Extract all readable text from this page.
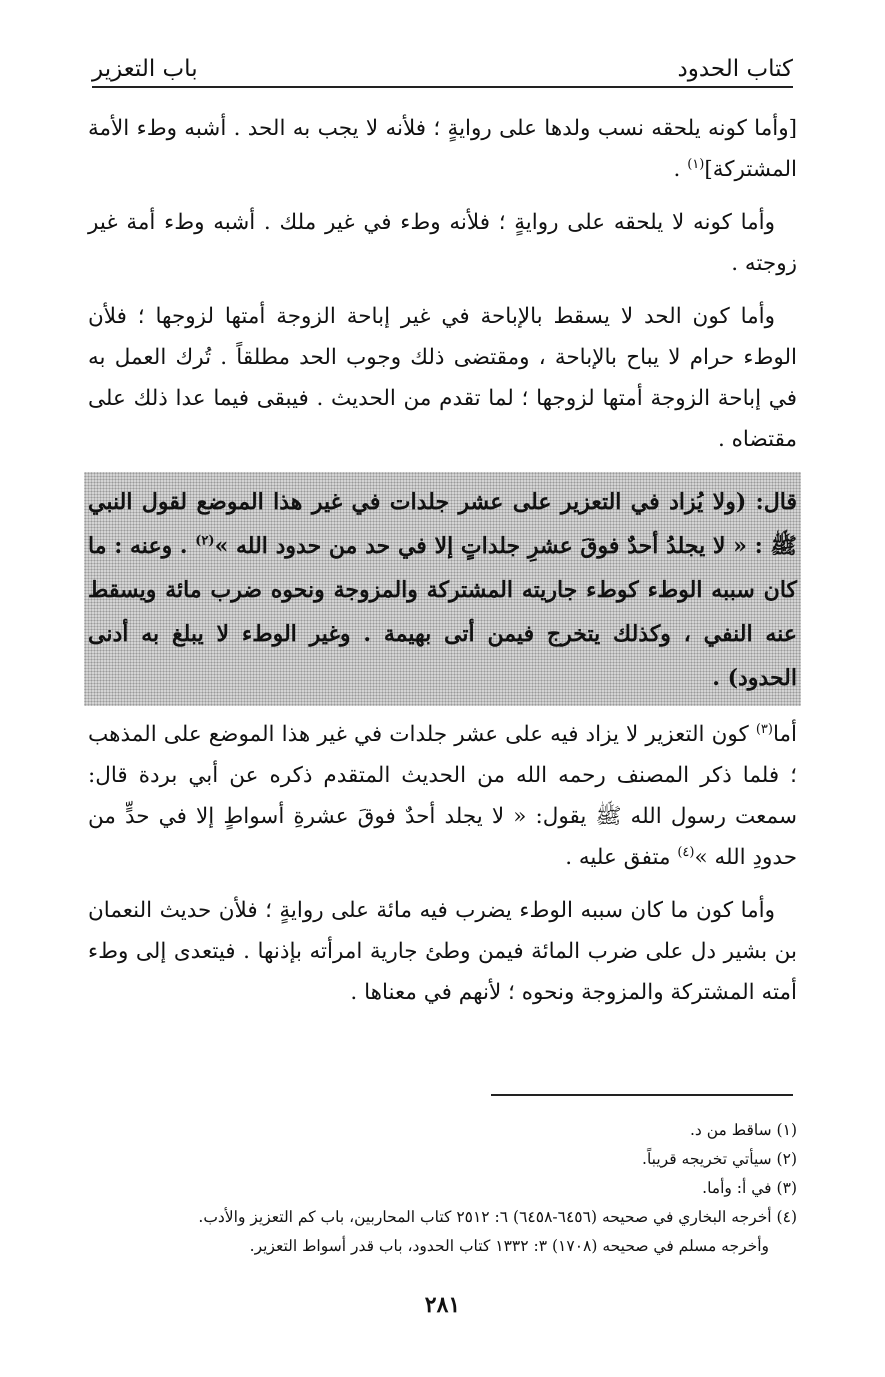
كتاب الحدود
باب التعزير

[وأما كونه يلحقه نسب ولدها على روايةٍ ؛ فلأنه لا يجب به الحد . أشبه وطء الأمة المشتركة]$^{(١)}$ .

وأما كونه لا يلحقه على روايةٍ ؛ فلأنه وطء في غير ملك . أشبه وطء أمة غير زوجته .

وأما كون الحد لا يسقط بالإباحة في غير إباحة الزوجة أمتها لزوجها ؛ فلأن الوطء حرام لا يباح بالإباحة ، ومقتضى ذلك وجوب الحد مطلقاً . تُرك العمل به في إباحة الزوجة أمتها لزوجها ؛ لما تقدم من الحديث . فيبقى فيما عدا ذلك على مقتضاه .

قال: (ولا يُزاد في التعزير على عشر جلدات في غير هذا الموضع لقول النبي ﷺ : « لا يجلدُ أحدٌ فوقَ عشرِ جلداتٍ إلا في حد من حدود الله »$^{(٢)}$ . وعنه : ما كان سببه الوطء كوطء جاريته المشتركة والمزوجة ونحوه ضرب مائة ويسقط عنه النفي ، وكذلك يتخرج فيمن أتى بهيمة . وغير الوطء لا يبلغ به أدنى الحدود) .

أما$^{(٣)}$ كون التعزير لا يزاد فيه على عشر جلدات في غير هذا الموضع على المذهب ؛ فلما ذكر المصنف رحمه الله من الحديث المتقدم ذكره عن أبي بردة قال: سمعت رسول الله ﷺ يقول: « لا يجلد أحدٌ فوقَ عشرةِ أسواطٍ إلا في حدٍّ من حدودِ الله »$^{(٤)}$ متفق عليه .

وأما كون ما كان سببه الوطء يضرب فيه مائة على روايةٍ ؛ فلأن حديث النعمان بن بشير دل على ضرب المائة فيمن وطئ جارية امرأته بإذنها . فيتعدى إلى وطء أمته المشتركة والمزوجة ونحوه ؛ لأنهم في معناها .

(١) ساقط من د.

(٢) سيأتي تخريجه قريباً.

(٣) في أ: وأما.

(٤) أخرجه البخاري في صحيحه (٦٤٥٦-٦٤٥٨) ٦: ٢٥١٢ كتاب المحاربين، باب كم التعزيز والأدب.

وأخرجه مسلم في صحيحه (١٧٠٨) ٣: ١٣٣٢ كتاب الحدود، باب قدر أسواط التعزير.

٢٨١
